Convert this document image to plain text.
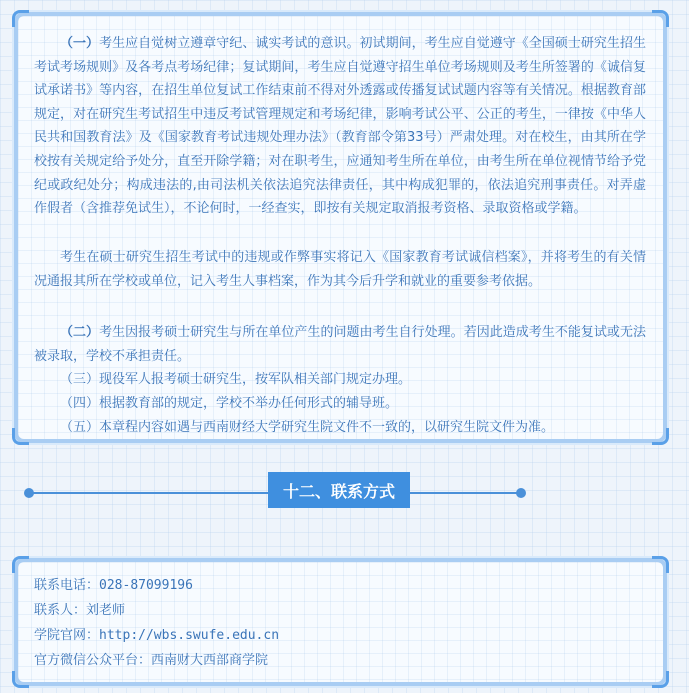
（一）考生应自觉树立遵章守纪、诚实考试的意识。初试期间，考生应自觉遵守《全国硕士研究生招生考试考场规则》及各考点考场纪律；复试期间，考生应自觉遵守招生单位考场规则及考生所签署的《诚信复试承诺书》等内容，在招生单位复试工作结束前不得对外透露或传播复试试题内容等有关情况。根据教育部规定，对在研究生考试招生中违反考试管理规定和考场纪律，影响考试公平、公正的考生，一律按《中华人民共和国教育法》及《国家教育考试违规处理办法》（教育部令第33号）严肃处理。对在校生，由其所在学校按有关规定给予处分，直至开除学籍；对在职考生，应通知考生所在单位，由考生所在单位视情节给予党纪或政纪处分；构成违法的,由司法机关依法追究法律责任，其中构成犯罪的，依法追究刑事责任。对弄虚作假者（含推荐免试生），不论何时，一经查实，即按有关规定取消报考资格、录取资格或学籍。

考生在硕士研究生招生考试中的违规或作弊事实将记入《国家教育考试诚信档案》，并将考生的有关情况通报其所在学校或单位，记入考生人事档案，作为其今后升学和就业的重要参考依据。

（二）考生因报考硕士研究生与所在单位产生的问题由考生自行处理。若因此造成考生不能复试或无法被录取，学校不承担责任。

（三）现役军人报考硕士研究生，按军队相关部门规定办理。

（四）根据教育部的规定，学校不举办任何形式的辅导班。

（五）本章程内容如遇与西南财经大学研究生院文件不一致的，以研究生院文件为准。

十二、联系方式

联系电话：028-87099196

联系人：刘老师

学院官网：http://wbs.swufe.edu.cn

官方微信公众平台：西南财大西部商学院
